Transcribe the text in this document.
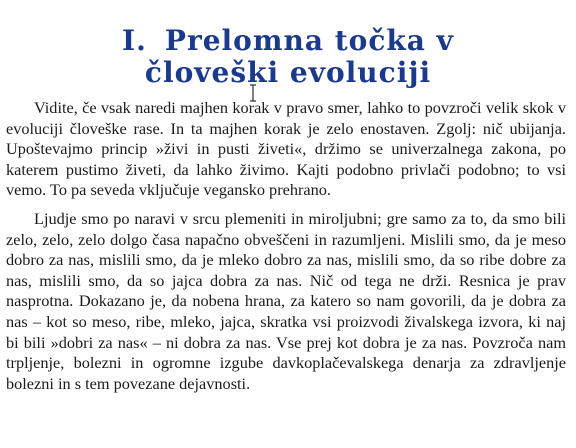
I. Prelomna točka v
človeški evoluciji

Vidite, če vsak naredi majhen korak v pravo smer, lahko to povzroči velik skok v evoluciji človeške rase. In ta majhen korak je zelo enostaven. Zgolj: nič ubijanja. Upoštevajmo princip »živi in pusti živeti«, držimo se univerzalnega zakona, po katerem pustimo živeti, da lahko živimo. Kajti podobno privlači podobno; to vsi vemo. To pa seveda vključuje vegansko prehrano.

Ljudje smo po naravi v srcu plemeniti in miroljubni; gre samo za to, da smo bili zelo, zelo, zelo dolgo časa napačno obveščeni in razumljeni. Mislili smo, da je meso dobro za nas, mislili smo, da je mleko dobro za nas, mislili smo, da so ribe dobre za nas, mislili smo, da so jajca dobra za nas. Nič od tega ne drži. Resnica je prav nasprotna. Dokazano je, da nobena hrana, za katero so nam govorili, da je dobra za nas – kot so meso, ribe, mleko, jajca, skratka vsi proizvodi živalskega izvora, ki naj bi bili »dobri za nas« – ni dobra za nas. Vse prej kot dobra je za nas. Povzroča nam trpljenje, bolezni in ogromne izgube davkoplačevalskega denarja za zdravljenje bolezni in s tem povezane dejavnosti.
